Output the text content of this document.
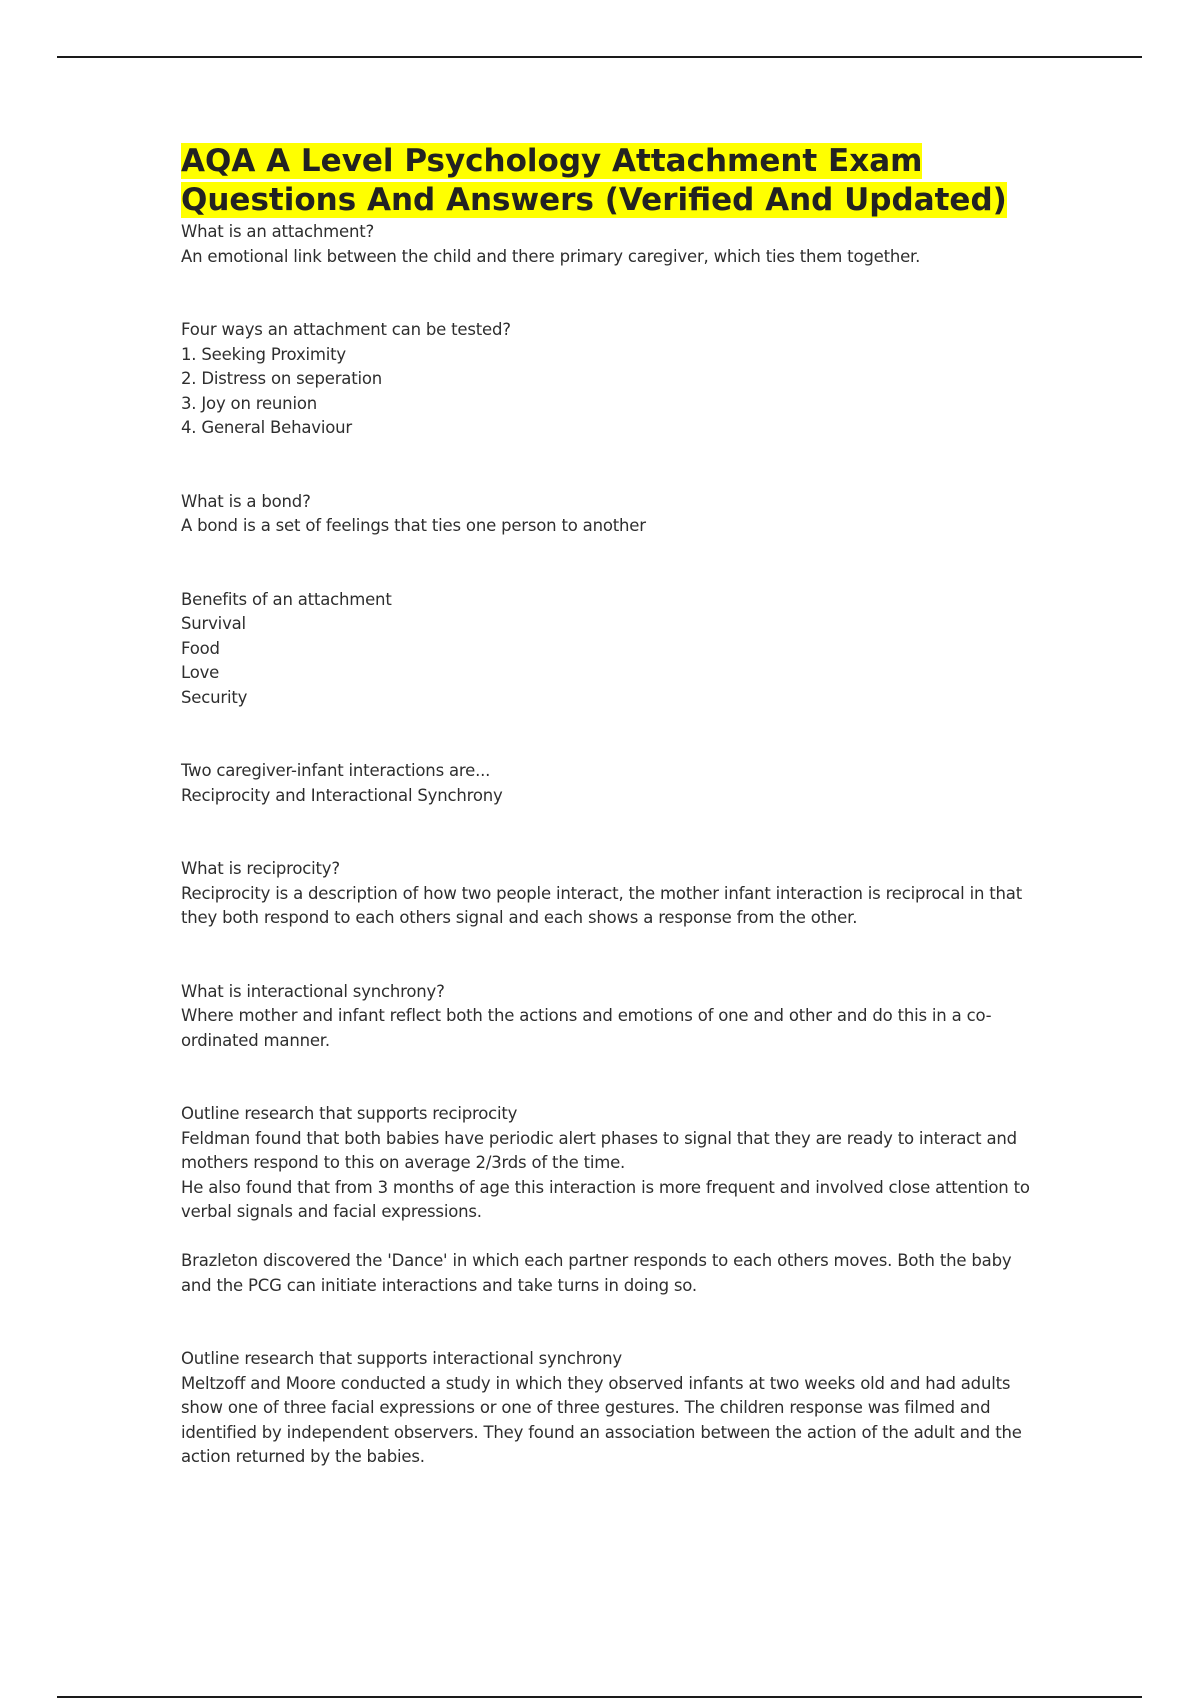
AQA A Level Psychology Attachment Exam Questions And Answers (Verified And Updated)
What is an attachment?
An emotional link between the child and there primary caregiver, which ties them together.
Four ways an attachment can be tested?
1. Seeking Proximity
2. Distress on seperation
3. Joy on reunion
4. General Behaviour
What is a bond?
A bond is a set of feelings that ties one person to another
Benefits of an attachment
Survival
Food
Love
Security
Two caregiver-infant interactions are...
Reciprocity and Interactional Synchrony
What is reciprocity?
Reciprocity is a description of how two people interact, the mother infant interaction is reciprocal in that they both respond to each others signal and each shows a response from the other.
What is interactional synchrony?
Where mother and infant reflect both the actions and emotions of one and other and do this in a co-ordinated manner.
Outline research that supports reciprocity
Feldman found that both babies have periodic alert phases to signal that they are ready to interact and mothers respond to this on average 2/3rds of the time.
He also found that from 3 months of age this interaction is more frequent and involved close attention to verbal signals and facial expressions.
Brazleton discovered the 'Dance' in which each partner responds to each others moves. Both the baby and the PCG can initiate interactions and take turns in doing so.
Outline research that supports interactional synchrony
Meltzoff and Moore conducted a study in which they observed infants at two weeks old and had adults show one of three facial expressions or one of three gestures. The children response was filmed and identified by independent observers. They found an association between the action of the adult and the action returned by the babies.
